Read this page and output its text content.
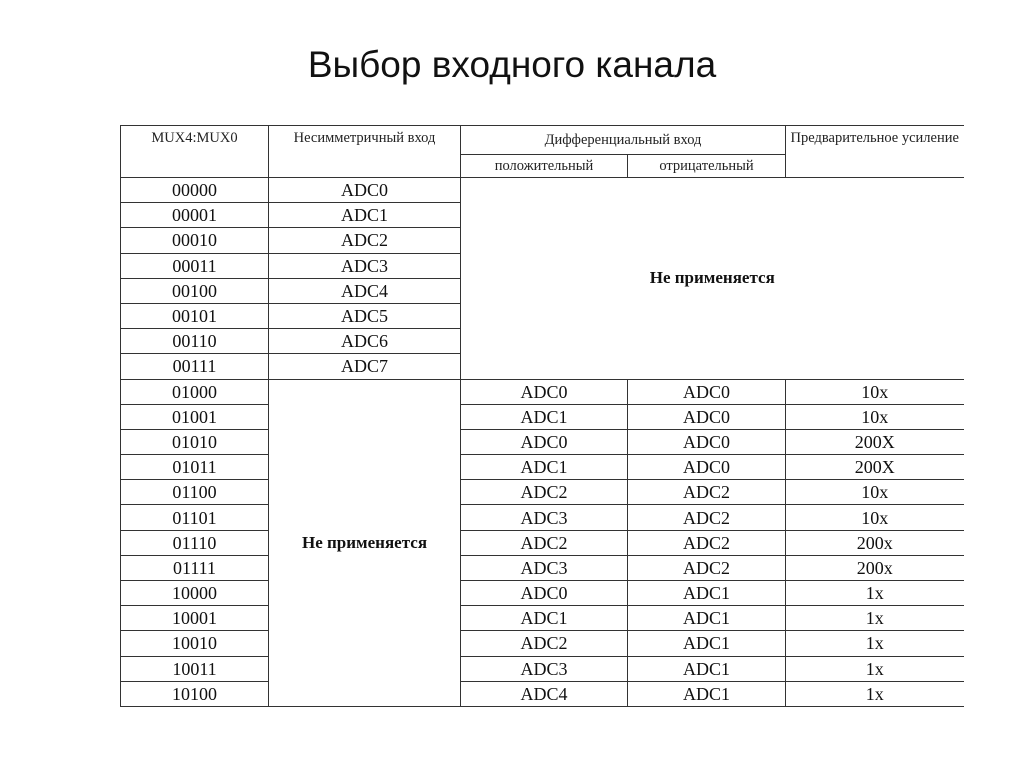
Выбор входного канала
MUX4:MUX0	Несимметричный вход	Дифференциальный вход		Предварительное усиление
		положительный	отрицательный	
00000	ADC0	Не применяется		
00001	ADC1			
00010	ADC2			
00011	ADC3			
00100	ADC4			
00101	ADC5			
00110	ADC6			
00111	ADC7			
01000	Не применяется	ADC0	ADC0	10x
01001		ADC1	ADC0	10x
01010		ADC0	ADC0	200X
01011		ADC1	ADC0	200X
01100		ADC2	ADC2	10x
01101		ADC3	ADC2	10x
01110		ADC2	ADC2	200x
01111		ADC3	ADC2	200x
10000		ADC0	ADC1	1x
10001		ADC1	ADC1	1x
10010		ADC2	ADC1	1x
10011		ADC3	ADC1	1x
10100		ADC4	ADC1	1x
